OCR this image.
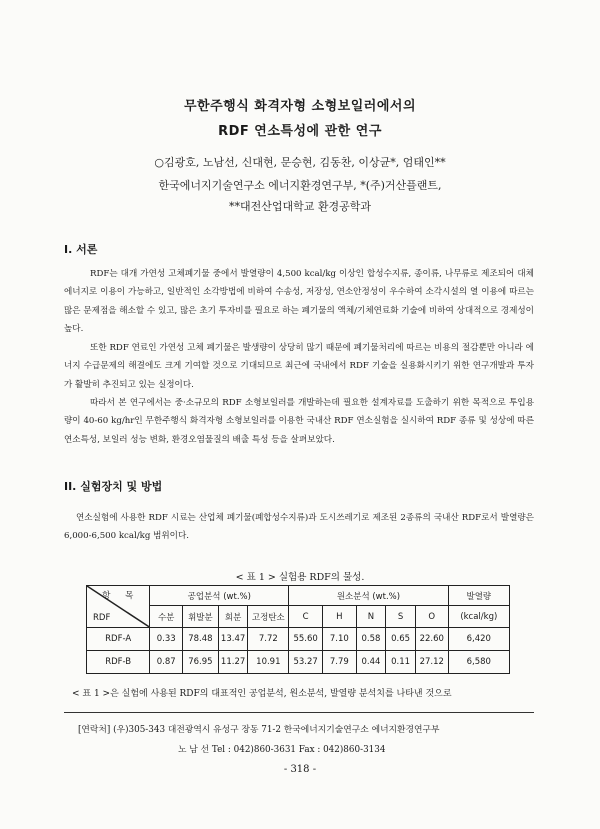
무한주행식 화격자형 소형보일러에서의
RDF 연소특성에 관한 연구
○김광호, 노남선, 신대현, 문승현, 김동찬, 이상균*, 엄태인**
한국에너지기술연구소 에너지환경연구부, *(주)거산플랜트,
**대전산업대학교 환경공학과
I. 서론

RDF는 대개 가연성 고체폐기물 중에서 발열량이 4,500 kcal/kg 이상인 합성수지류, 종이류, 나무류로 제조되어 대체에너지로 이용이 가능하고, 일반적인 소각방법에 비하여 수송성, 저장성, 연소안정성이 우수하여 소각시설의 열 이용에 따르는 많은 문제점을 해소할 수 있고, 많은 초기 투자비를 필요로 하는 폐기물의 액체/기체연료화 기술에 비하여 상대적으로 경제성이 높다.

또한 RDF 연료인 가연성 고체 폐기물은 발생량이 상당히 많기 때문에 폐기물처리에 따르는 비용의 절감뿐만 아니라 에너지 수급문제의 해결에도 크게 기여할 것으로 기대되므로 최근에 국내에서 RDF 기술을 실용화시키기 위한 연구개발과 투자가 활발히 추진되고 있는 실정이다.

따라서 본 연구에서는 중·소규모의 RDF 소형보일러를 개발하는데 필요한 설계자료를 도출하기 위한 목적으로 투입용량이 40-60 kg/hr인 무한주행식 화격자형 소형보일러를 이용한 국내산 RDF 연소실험을 실시하여 RDF 종류 및 성상에 따른 연소특성, 보일러 성능 변화, 환경오염물질의 배출 특성 등을 살펴보았다.

II. 실험장치 및 방법

연소실험에 사용한 RDF 시료는 산업체 폐기물(폐합성수지류)과 도시쓰레기로 제조된 2종류의 국내산 RDF로서 발열량은 6,000-6,500 kcal/kg 범위이다.

< 표 1 > 실험용 RDF의 물성.
항 목
RDF	공업분석 (wt.%)				원소분석 (wt.%)					발열량
	수분	휘발분	회분	고정탄소	C	H	N	S	O	(kcal/kg)
RDF-A	0.33	78.48	13.47	7.72	55.60	7.10	0.58	0.65	22.60	6,420
RDF-B	0.87	76.95	11.27	10.91	53.27	7.79	0.44	0.11	27.12	6,580
< 표 1 >은 실험에 사용된 RDF의 대표적인 공업분석, 원소분석, 발열량 분석치를 나타낸 것으로
[연락처] (우)305-343 대전광역시 유성구 장동 71-2 한국에너지기술연구소 에너지환경연구부
노 남 선 Tel : 042)860-3631 Fax : 042)860-3134
- 318 -
